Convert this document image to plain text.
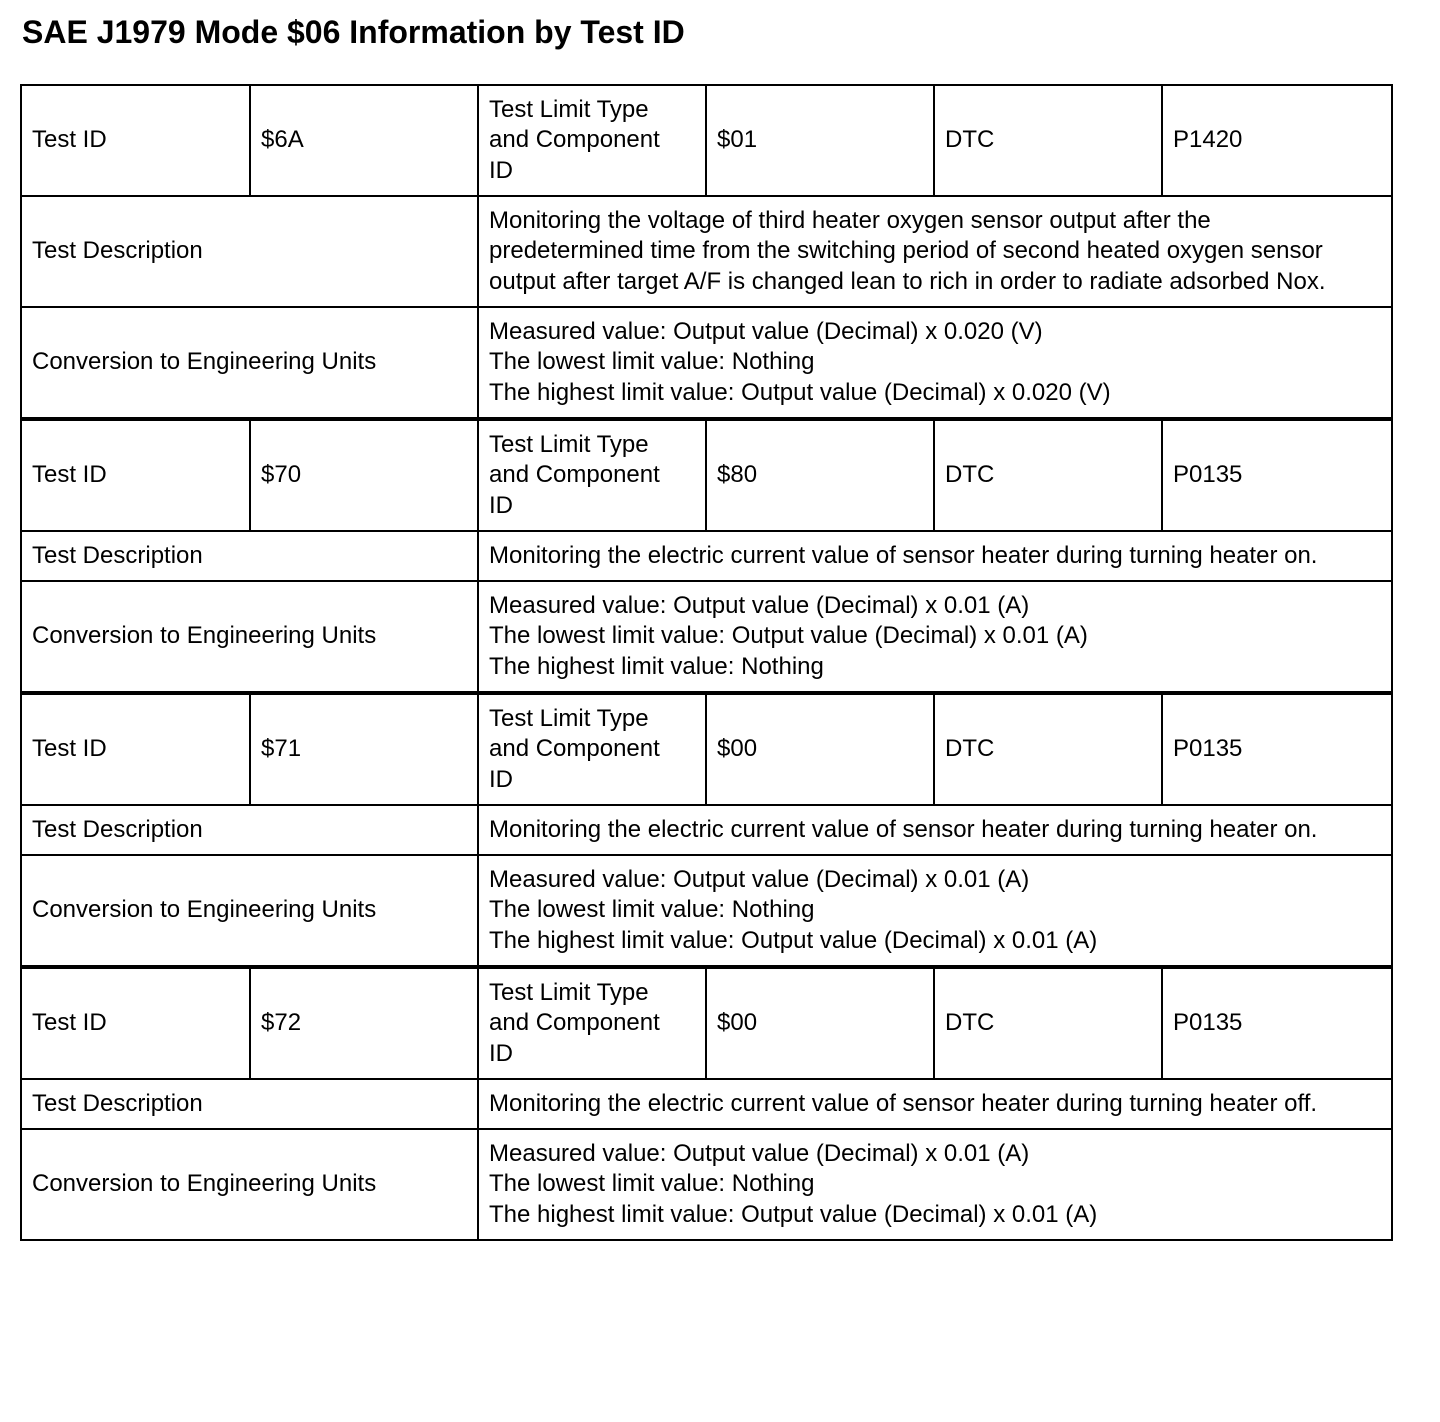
SAE J1979 Mode $06 Information by Test ID
Test ID	$6A	Test Limit Type
and Component
ID	$01	DTC	P1420
Test Description		Monitoring the voltage of third heater oxygen sensor output after the
predetermined time from the switching period of second heated oxygen sensor
output after target A/F is changed lean to rich in order to radiate adsorbed Nox.			
Conversion to Engineering Units		Measured value: Output value (Decimal) x 0.020 (V)
The lowest limit value: Nothing
The highest limit value: Output value (Decimal) x 0.020 (V)			
Test ID	$70	Test Limit Type
and Component
ID	$80	DTC	P0135
Test Description		Monitoring the electric current value of sensor heater during turning heater on.			
Conversion to Engineering Units		Measured value: Output value (Decimal) x 0.01 (A)
The lowest limit value: Output value (Decimal) x 0.01 (A)
The highest limit value: Nothing			
Test ID	$71	Test Limit Type
and Component
ID	$00	DTC	P0135
Test Description		Monitoring the electric current value of sensor heater during turning heater on.			
Conversion to Engineering Units		Measured value: Output value (Decimal) x 0.01 (A)
The lowest limit value: Nothing
The highest limit value: Output value (Decimal) x 0.01 (A)			
Test ID	$72	Test Limit Type
and Component
ID	$00	DTC	P0135
Test Description		Monitoring the electric current value of sensor heater during turning heater off.			
Conversion to Engineering Units		Measured value: Output value (Decimal) x 0.01 (A)
The lowest limit value: Nothing
The highest limit value: Output value (Decimal) x 0.01 (A)			
